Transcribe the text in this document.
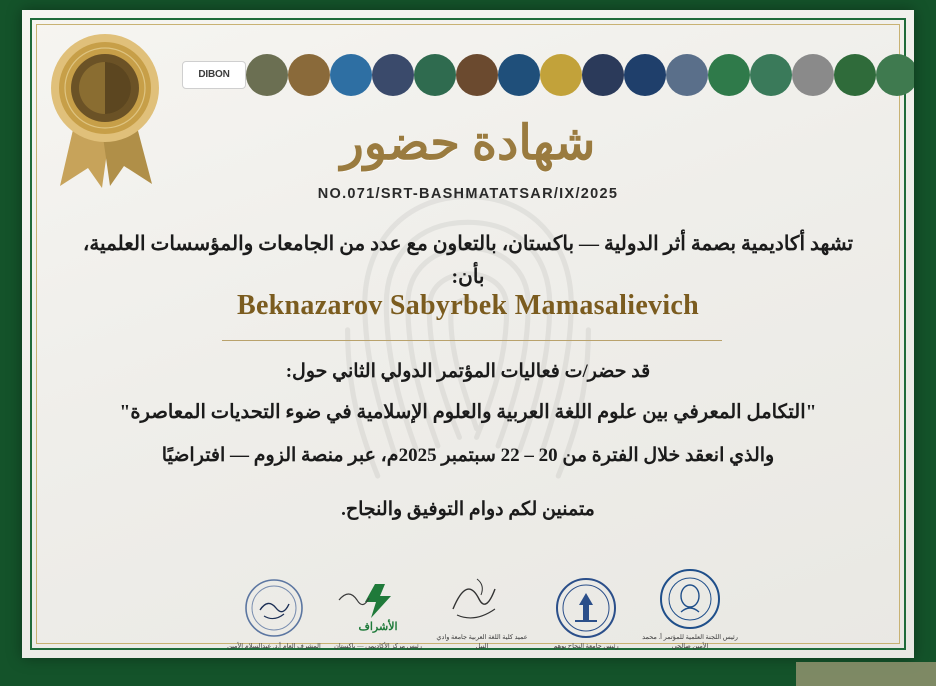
DIBON
شهادة حضور
NO.071/SRT-BASHMATATSAR/IX/2025
تشهد أكاديمية بصمة أثر الدولية — باكستان، بالتعاون مع عدد من الجامعات والمؤسسات العلمية، بأن:
Beknazarov Sabyrbek Mamasalievich
قد حضر/ت فعاليات المؤتمر الدولي الثاني حول:
"التكامل المعرفي بين علوم اللغة العربية والعلوم الإسلامية في ضوء التحديات المعاصرة"
والذي انعقد خلال الفترة من 20 – 22 سبتمبر 2025م، عبر منصة الزوم — افتراضيًا
متمنين لكم دوام التوفيق والنجاح.
المشرف العام أ.د. عبدالسلام الأمين
الأشراف
رئيس مركز الأكاديمي — باكستان
عميد كلية اللغة العربية جامعة وادي النيل	رئيس جامعة النجاح بوهم
رئيس اللجنة العلمية للمؤتمر أ. محمد الأمين صالحي
